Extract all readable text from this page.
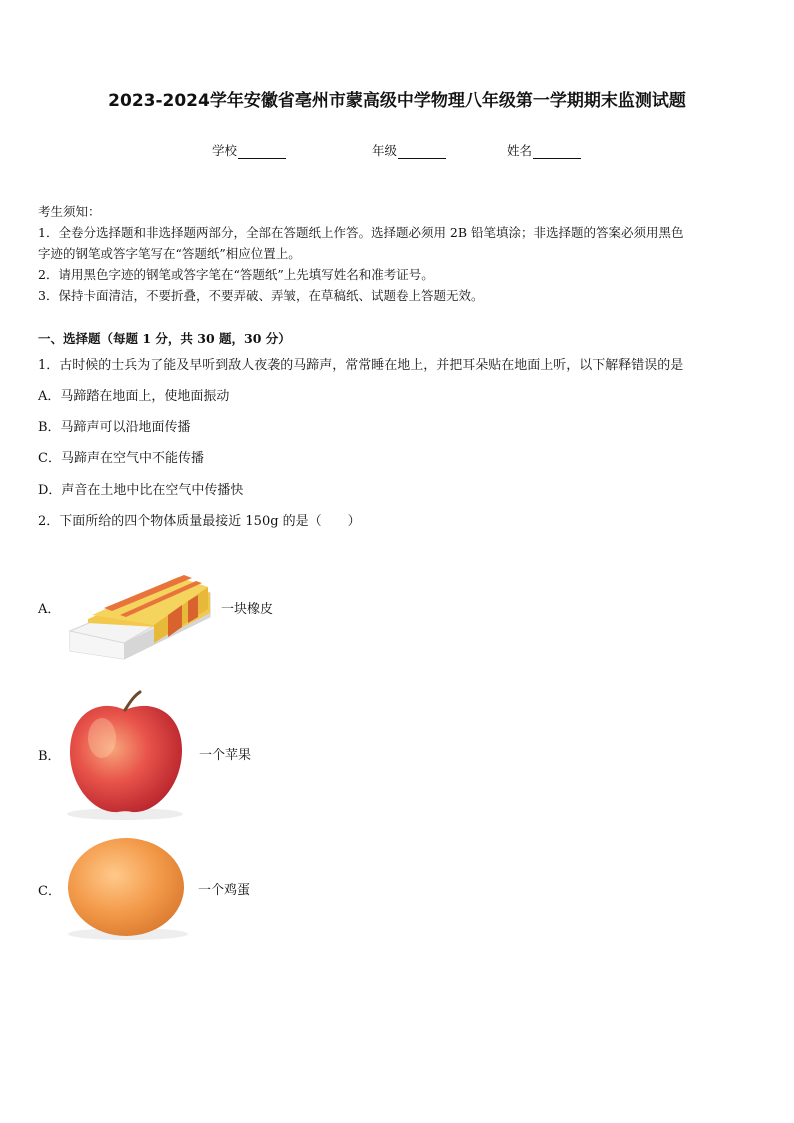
2023-2024学年安徽省亳州市蒙高级中学物理八年级第一学期期末监测试题
学校	年级	姓名
考生须知：
1．全卷分选择题和非选择题两部分，全部在答题纸上作答。选择题必须用 2B 铅笔填涂；非选择题的答案必须用黑色
字迹的钢笔或答字笔写在“答题纸”相应位置上。
2．请用黑色字迹的钢笔或答字笔在“答题纸”上先填写姓名和准考证号。
3．保持卡面清洁，不要折叠，不要弄破、弄皱，在草稿纸、试题卷上答题无效。
一、选择题（每题 1 分，共 30 题，30 分）
1．古时候的士兵为了能及早听到敌人夜袭的马蹄声，常常睡在地上，并把耳朵贴在地面上听，以下解释错误的是
A．马蹄踏在地面上，使地面振动
B．马蹄声可以沿地面传播
C．马蹄声在空气中不能传播
D．声音在土地中比在空气中传播快
2．下面所给的四个物体质量最接近 150g 的是（　　）
A．	一块橡皮
B．	一个苹果
C．	一个鸡蛋
